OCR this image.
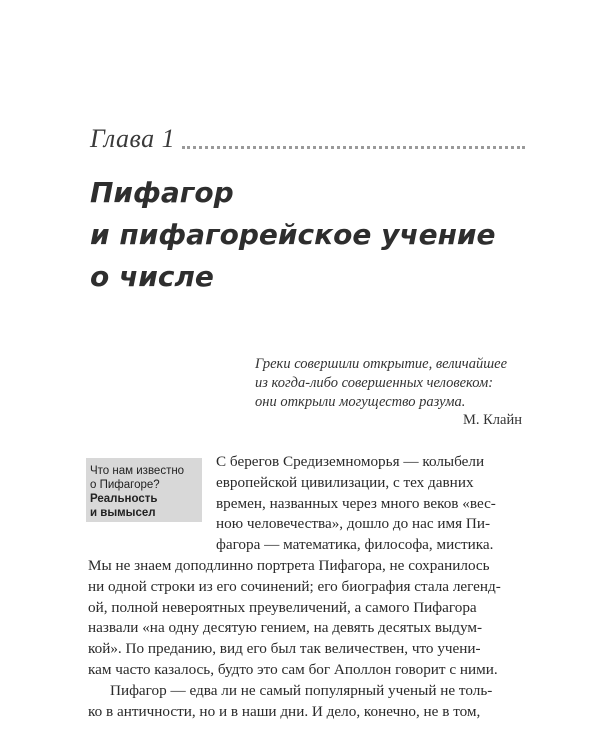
Глава 1
Пифагор
и пифагорейское учение
о числе
Греки совершили открытие, величайшее
из когда-либо совершенных человеком:
они открыли могущество разума.
М. Клайн
Что нам известно
о Пифагоре?
Реальность
и вымысел
С берегов Средиземноморья — колыбели
европейской цивилизации, с тех давних
времен, названных через много веков «вес-
ною человечества», дошло до нас имя Пи-
фагора — математика, философа, мистика.
Мы не знаем доподлинно портрета Пифагора, не сохранилось
ни одной строки из его сочинений; его биография стала легенд-
ой, полной невероятных преувеличений, а самого Пифагора
назвали «на одну десятую гением, на девять десятых выдум-
кой». По преданию, вид его был так величествен, что учени-
кам часто казалось, будто это сам бог Аполлон говорит с ними.
Пифагор — едва ли не самый популярный ученый не толь-
ко в античности, но и в наши дни. И дело, конечно, не в том,
